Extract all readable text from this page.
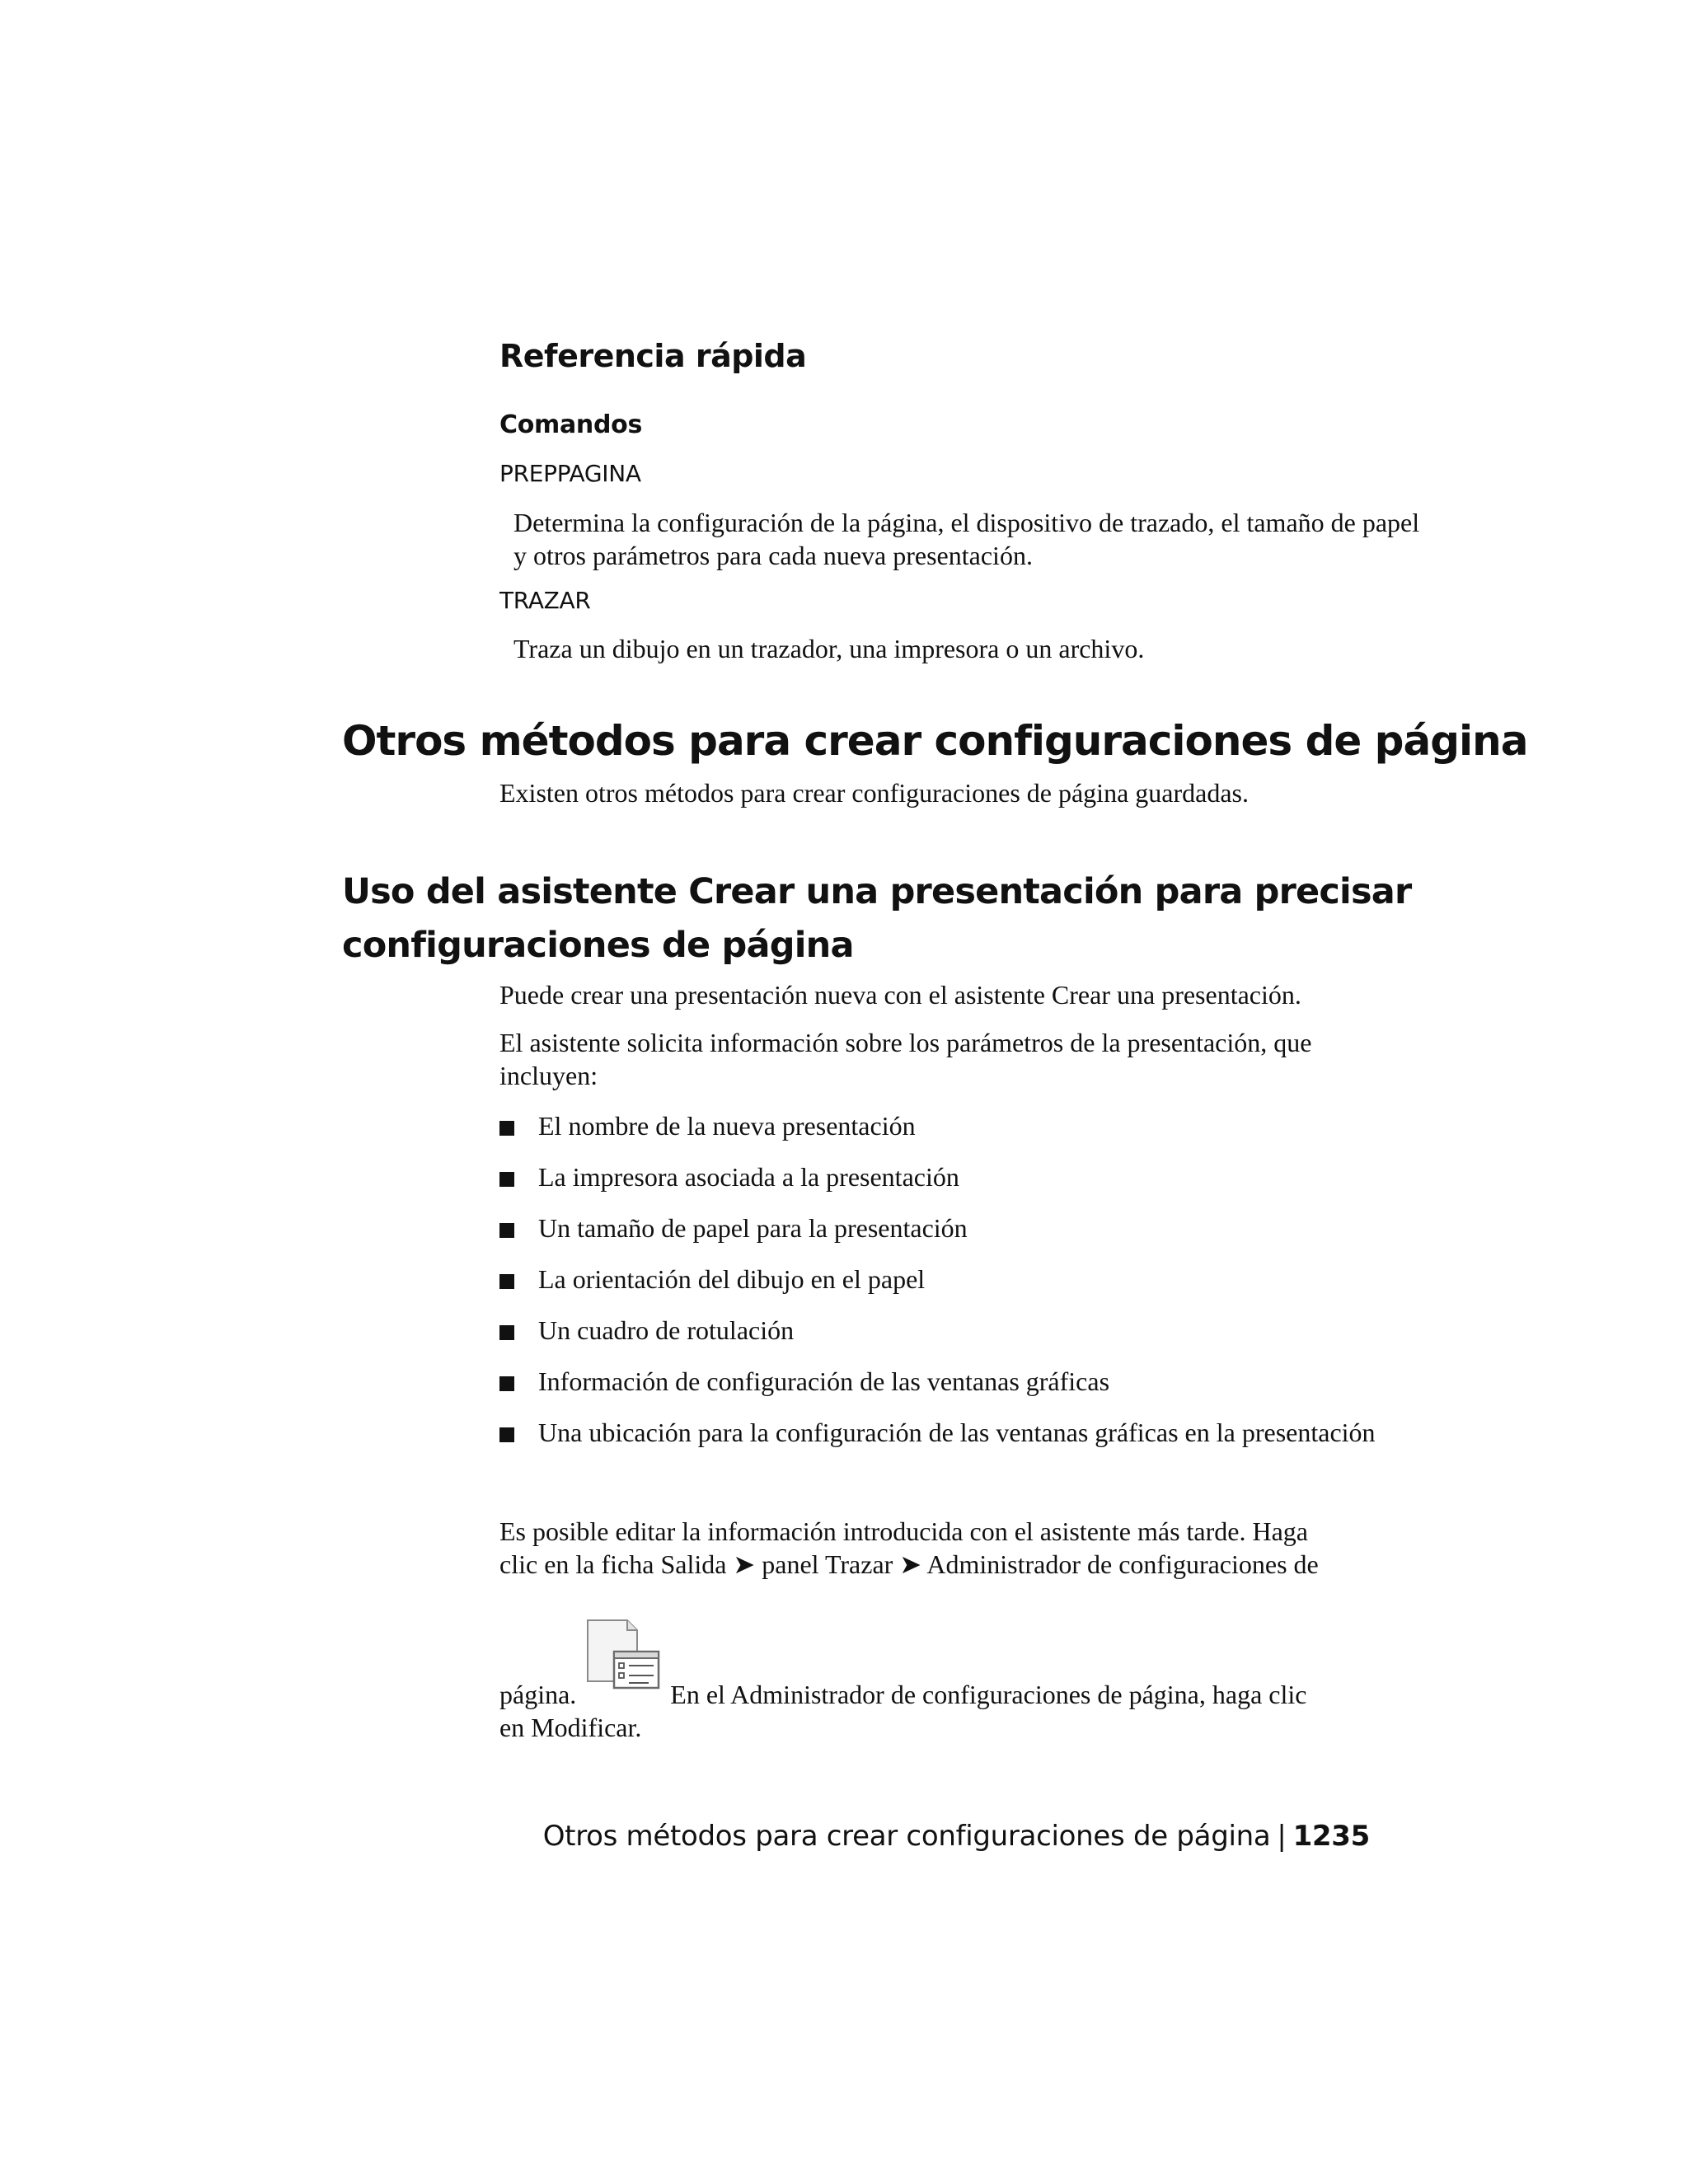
Referencia rápida
Comandos
PREPPAGINA
Determina la configuración de la página, el dispositivo de trazado, el tamaño de papel y otros parámetros para cada nueva presentación.
TRAZAR
Traza un dibujo en un trazador, una impresora o un archivo.
Otros métodos para crear configuraciones de página
Existen otros métodos para crear configuraciones de página guardadas.
Uso del asistente Crear una presentación para precisar configuraciones de página
Puede crear una presentación nueva con el asistente Crear una presentación.
El asistente solicita información sobre los parámetros de la presentación, que incluyen:
El nombre de la nueva presentación
La impresora asociada a la presentación
Un tamaño de papel para la presentación
La orientación del dibujo en el papel
Un cuadro de rotulación
Información de configuración de las ventanas gráficas
Una ubicación para la configuración de las ventanas gráficas en la presentación
Es posible editar la información introducida con el asistente más tarde. Haga
clic en la ficha Salida ➤ panel Trazar ➤ Administrador de configuraciones de
página.	En el Administrador de configuraciones de página, haga clic
en Modificar.
Otros métodos para crear configuraciones de página | 1235
